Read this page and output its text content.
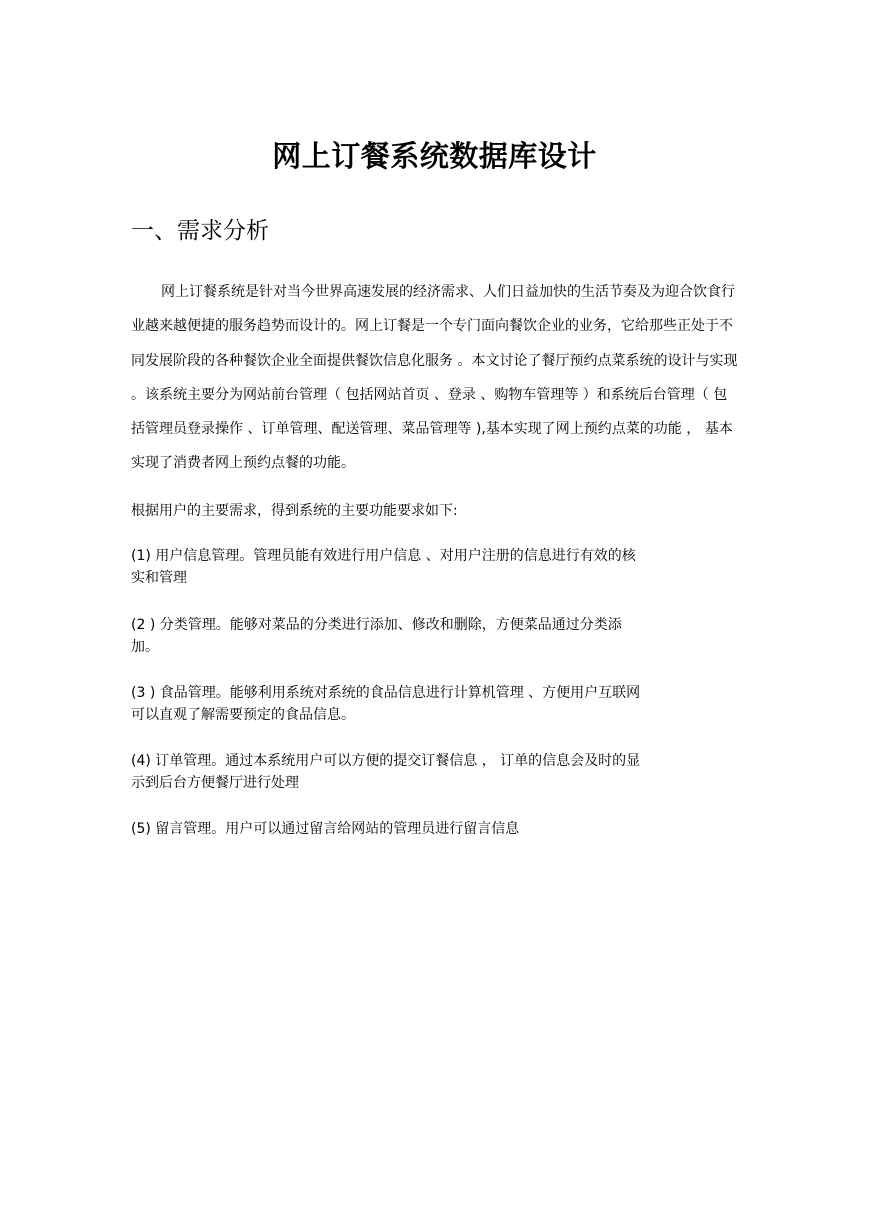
网上订餐系统数据库设计
一、需求分析

网上订餐系统是针对当今世界高速发展的经济需求、人们日益加快的生活节奏及为迎合饮食行业越来越便捷的服务趋势而设计的。网上订餐是一个专门面向餐饮企业的业务，它给那些正处于不同发展阶段的各种餐饮企业全面提供餐饮信息化服务 。本文讨论了餐厅预约点菜系统的设计与实现 。该系统主要分为网站前台管理（ 包括网站首页 、登录 、购物车管理等 ）和系统后台管理（ 包括管理员登录操作 、订单管理、配送管理、菜品管理等 ),基本实现了网上预约点菜的功能 ， 基本实现了消费者网上预约点餐的功能。

根据用户的主要需求，得到系统的主要功能要求如下:

(1) 用户信息管理。管理员能有效进行用户信息 、对用户注册的信息进行有效的核
实和管理

(2 ) 分类管理。能够对菜品的分类进行添加、修改和删除，方便菜品通过分类添
加。

(3 ) 食品管理。能够利用系统对系统的食品信息进行计算机管理 、方便用户互联网
可以直观了解需要预定的食品信息。

(4) 订单管理。通过本系统用户可以方便的提交订餐信息 ， 订单的信息会及时的显
示到后台方便餐厅进行处理

(5) 留言管理。用户可以通过留言给网站的管理员进行留言信息
